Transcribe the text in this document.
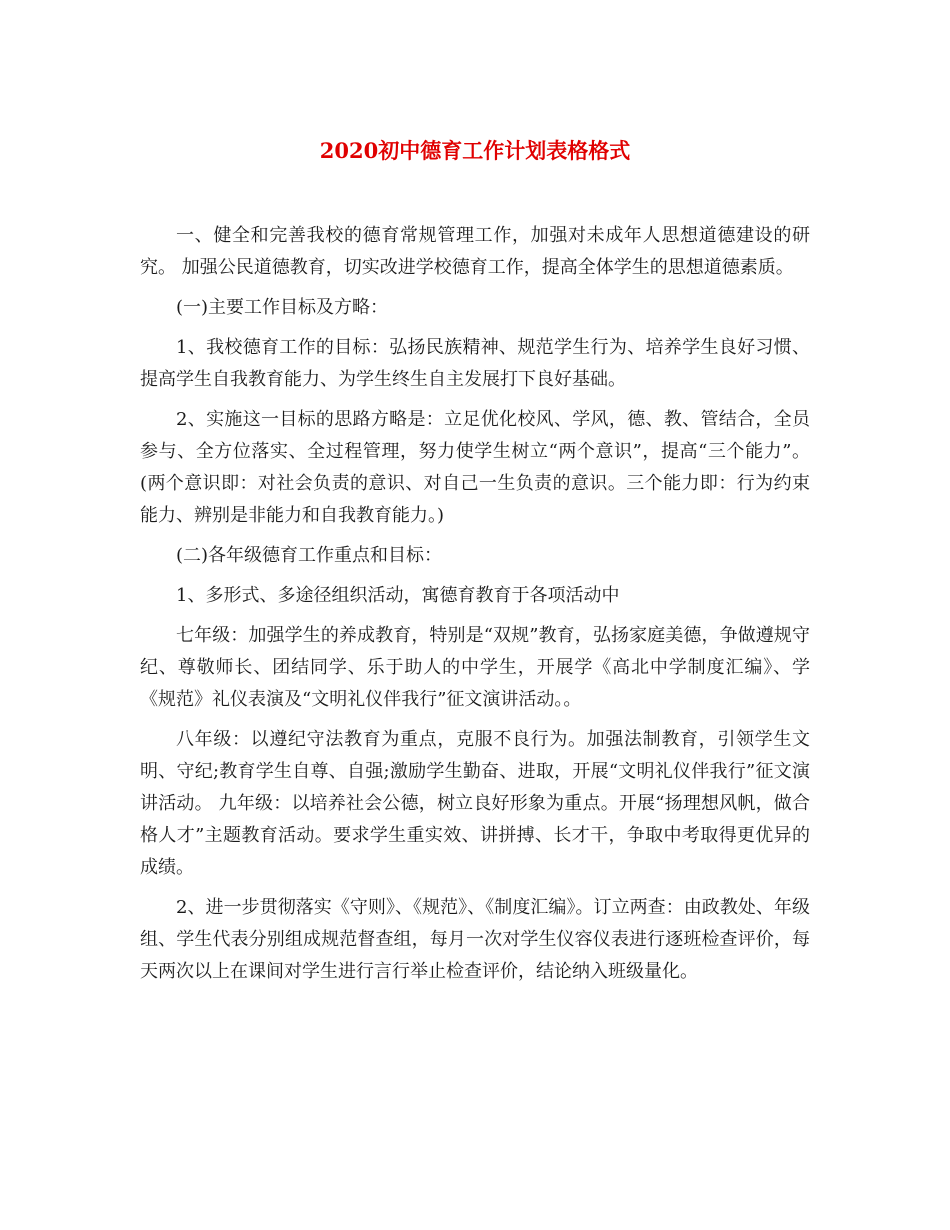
2020初中德育工作计划表格格式

一、健全和完善我校的德育常规管理工作，加强对未成年人思想道德建设的研究。 加强公民道德教育，切实改进学校德育工作，提高全体学生的思想道德素质。

(一)主要工作目标及方略：

1、我校德育工作的目标：弘扬民族精神、规范学生行为、培养学生良好习惯、提高学生自我教育能力、为学生终生自主发展打下良好基础。

2、实施这一目标的思路方略是：立足优化校风、学风，德、教、管结合，全员参与、全方位落实、全过程管理，努力使学生树立“两个意识”，提高“三个能力”。(两个意识即：对社会负责的意识、对自己一生负责的意识。三个能力即：行为约束能力、辨别是非能力和自我教育能力。)

(二)各年级德育工作重点和目标：

1、多形式、多途径组织活动，寓德育教育于各项活动中

七年级：加强学生的养成教育，特别是“双规”教育，弘扬家庭美德，争做遵规守纪、尊敬师长、团结同学、乐于助人的中学生，开展学《高北中学制度汇编》、学《规范》礼仪表演及“文明礼仪伴我行”征文演讲活动。。

八年级：以遵纪守法教育为重点，克服不良行为。加强法制教育，引领学生文明、守纪;教育学生自尊、自强;激励学生勤奋、进取，开展“文明礼仪伴我行”征文演讲活动。 九年级：以培养社会公德，树立良好形象为重点。开展“扬理想风帆，做合格人才”主题教育活动。要求学生重实效、讲拼搏、长才干，争取中考取得更优异的成绩。

2、进一步贯彻落实《守则》、《规范》、《制度汇编》。订立两查：由政教处、年级组、学生代表分别组成规范督查组，每月一次对学生仪容仪表进行逐班检查评价，每天两次以上在课间对学生进行言行举止检查评价，结论纳入班级量化。
